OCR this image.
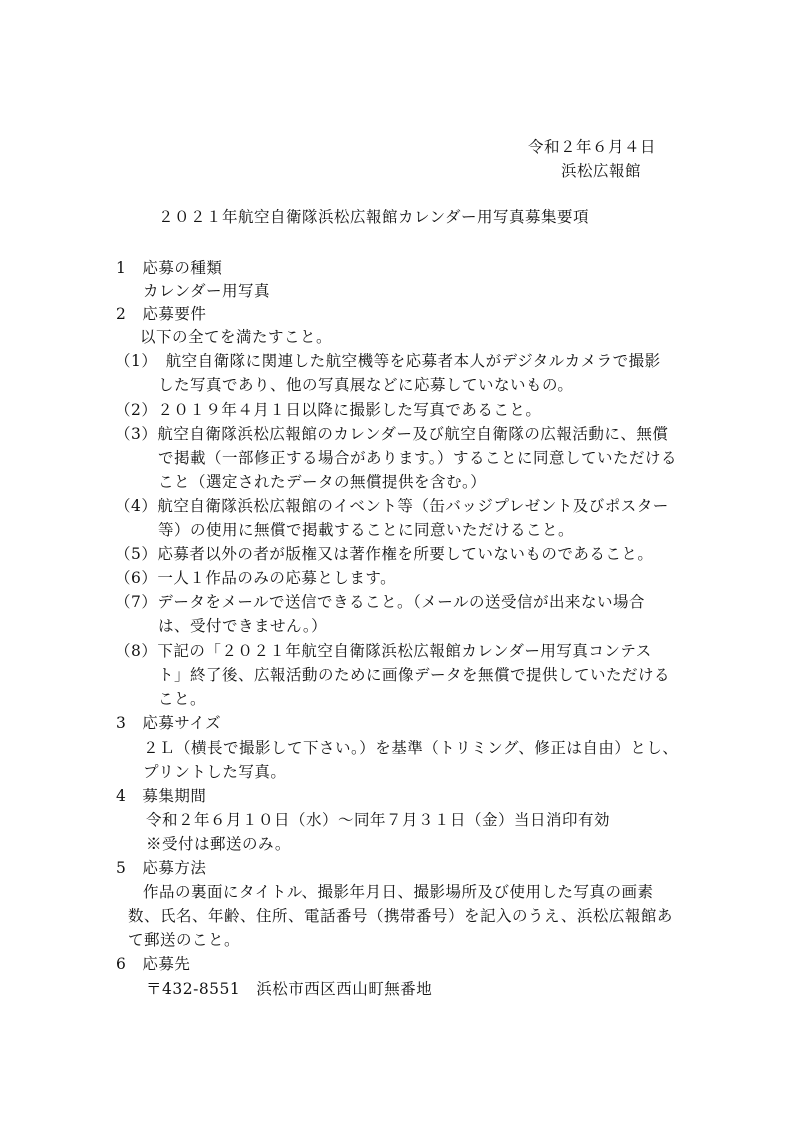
令和２年６月４日
浜松広報館
２０２１年航空自衛隊浜松広報館カレンダー用写真募集要項
1　応募の種類
カレンダー用写真
2　応募要件
以下の全てを満たすこと。
（1）　航空自衛隊に関連した航空機等を応募者本人がデジタルカメラで撮影
した写真であり、他の写真展などに応募していないもの。
（2）２０１９年４月１日以降に撮影した写真であること。
（3）航空自衛隊浜松広報館のカレンダー及び航空自衛隊の広報活動に、無償
で掲載（一部修正する場合があります。）することに同意していただける
こと（選定されたデータの無償提供を含む。）
（4）航空自衛隊浜松広報館のイベント等（缶バッジプレゼント及びポスター
等）の使用に無償で掲載することに同意いただけること。
（5）応募者以外の者が版権又は著作権を所要していないものであること。
（6）一人１作品のみの応募とします。
（7）データをメールで送信できること。（メールの送受信が出来ない場合
は、受付できません。）
（8）下記の「２０２１年航空自衛隊浜松広報館カレンダー用写真コンテス
ト」終了後、広報活動のために画像データを無償で提供していただける
こと。
3　応募サイズ
２Ｌ（横長で撮影して下さい。）を基準（トリミング、修正は自由）とし、
プリントした写真。
4　募集期間
令和２年６月１０日（水）～同年７月３１日（金）当日消印有効
※受付は郵送のみ。
5　応募方法
作品の裏面にタイトル、撮影年月日、撮影場所及び使用した写真の画素
数、氏名、年齢、住所、電話番号（携帯番号）を記入のうえ、浜松広報館あ
て郵送のこと。
6　応募先
〒432-8551　浜松市西区西山町無番地
